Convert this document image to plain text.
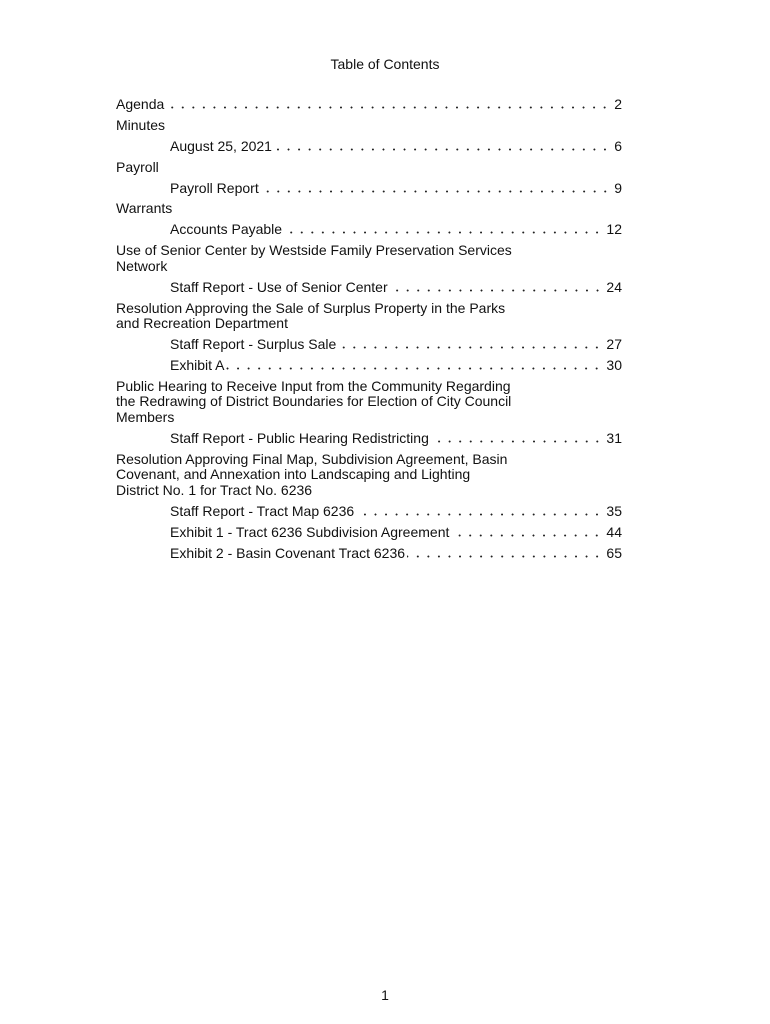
Table of Contents
Agenda	2
Minutes
August 25, 2021	6
Payroll
Payroll Report	9
Warrants
Accounts Payable	12
Use of Senior Center by Westside Family Preservation Services
Network
Staff Report - Use of Senior Center	24
Resolution Approving the Sale of Surplus Property in the Parks
and Recreation Department
Staff Report - Surplus Sale	27
Exhibit A	30
Public Hearing to Receive Input from the Community Regarding
the Redrawing of District Boundaries for Election of City Council
Members
Staff Report - Public Hearing Redistricting	31
Resolution Approving Final Map, Subdivision Agreement, Basin
Covenant, and Annexation into Landscaping and Lighting
District No. 1 for Tract No. 6236
Staff Report - Tract Map 6236	35
Exhibit 1 - Tract 6236 Subdivision Agreement	44
Exhibit 2 - Basin Covenant Tract 6236	65
1
